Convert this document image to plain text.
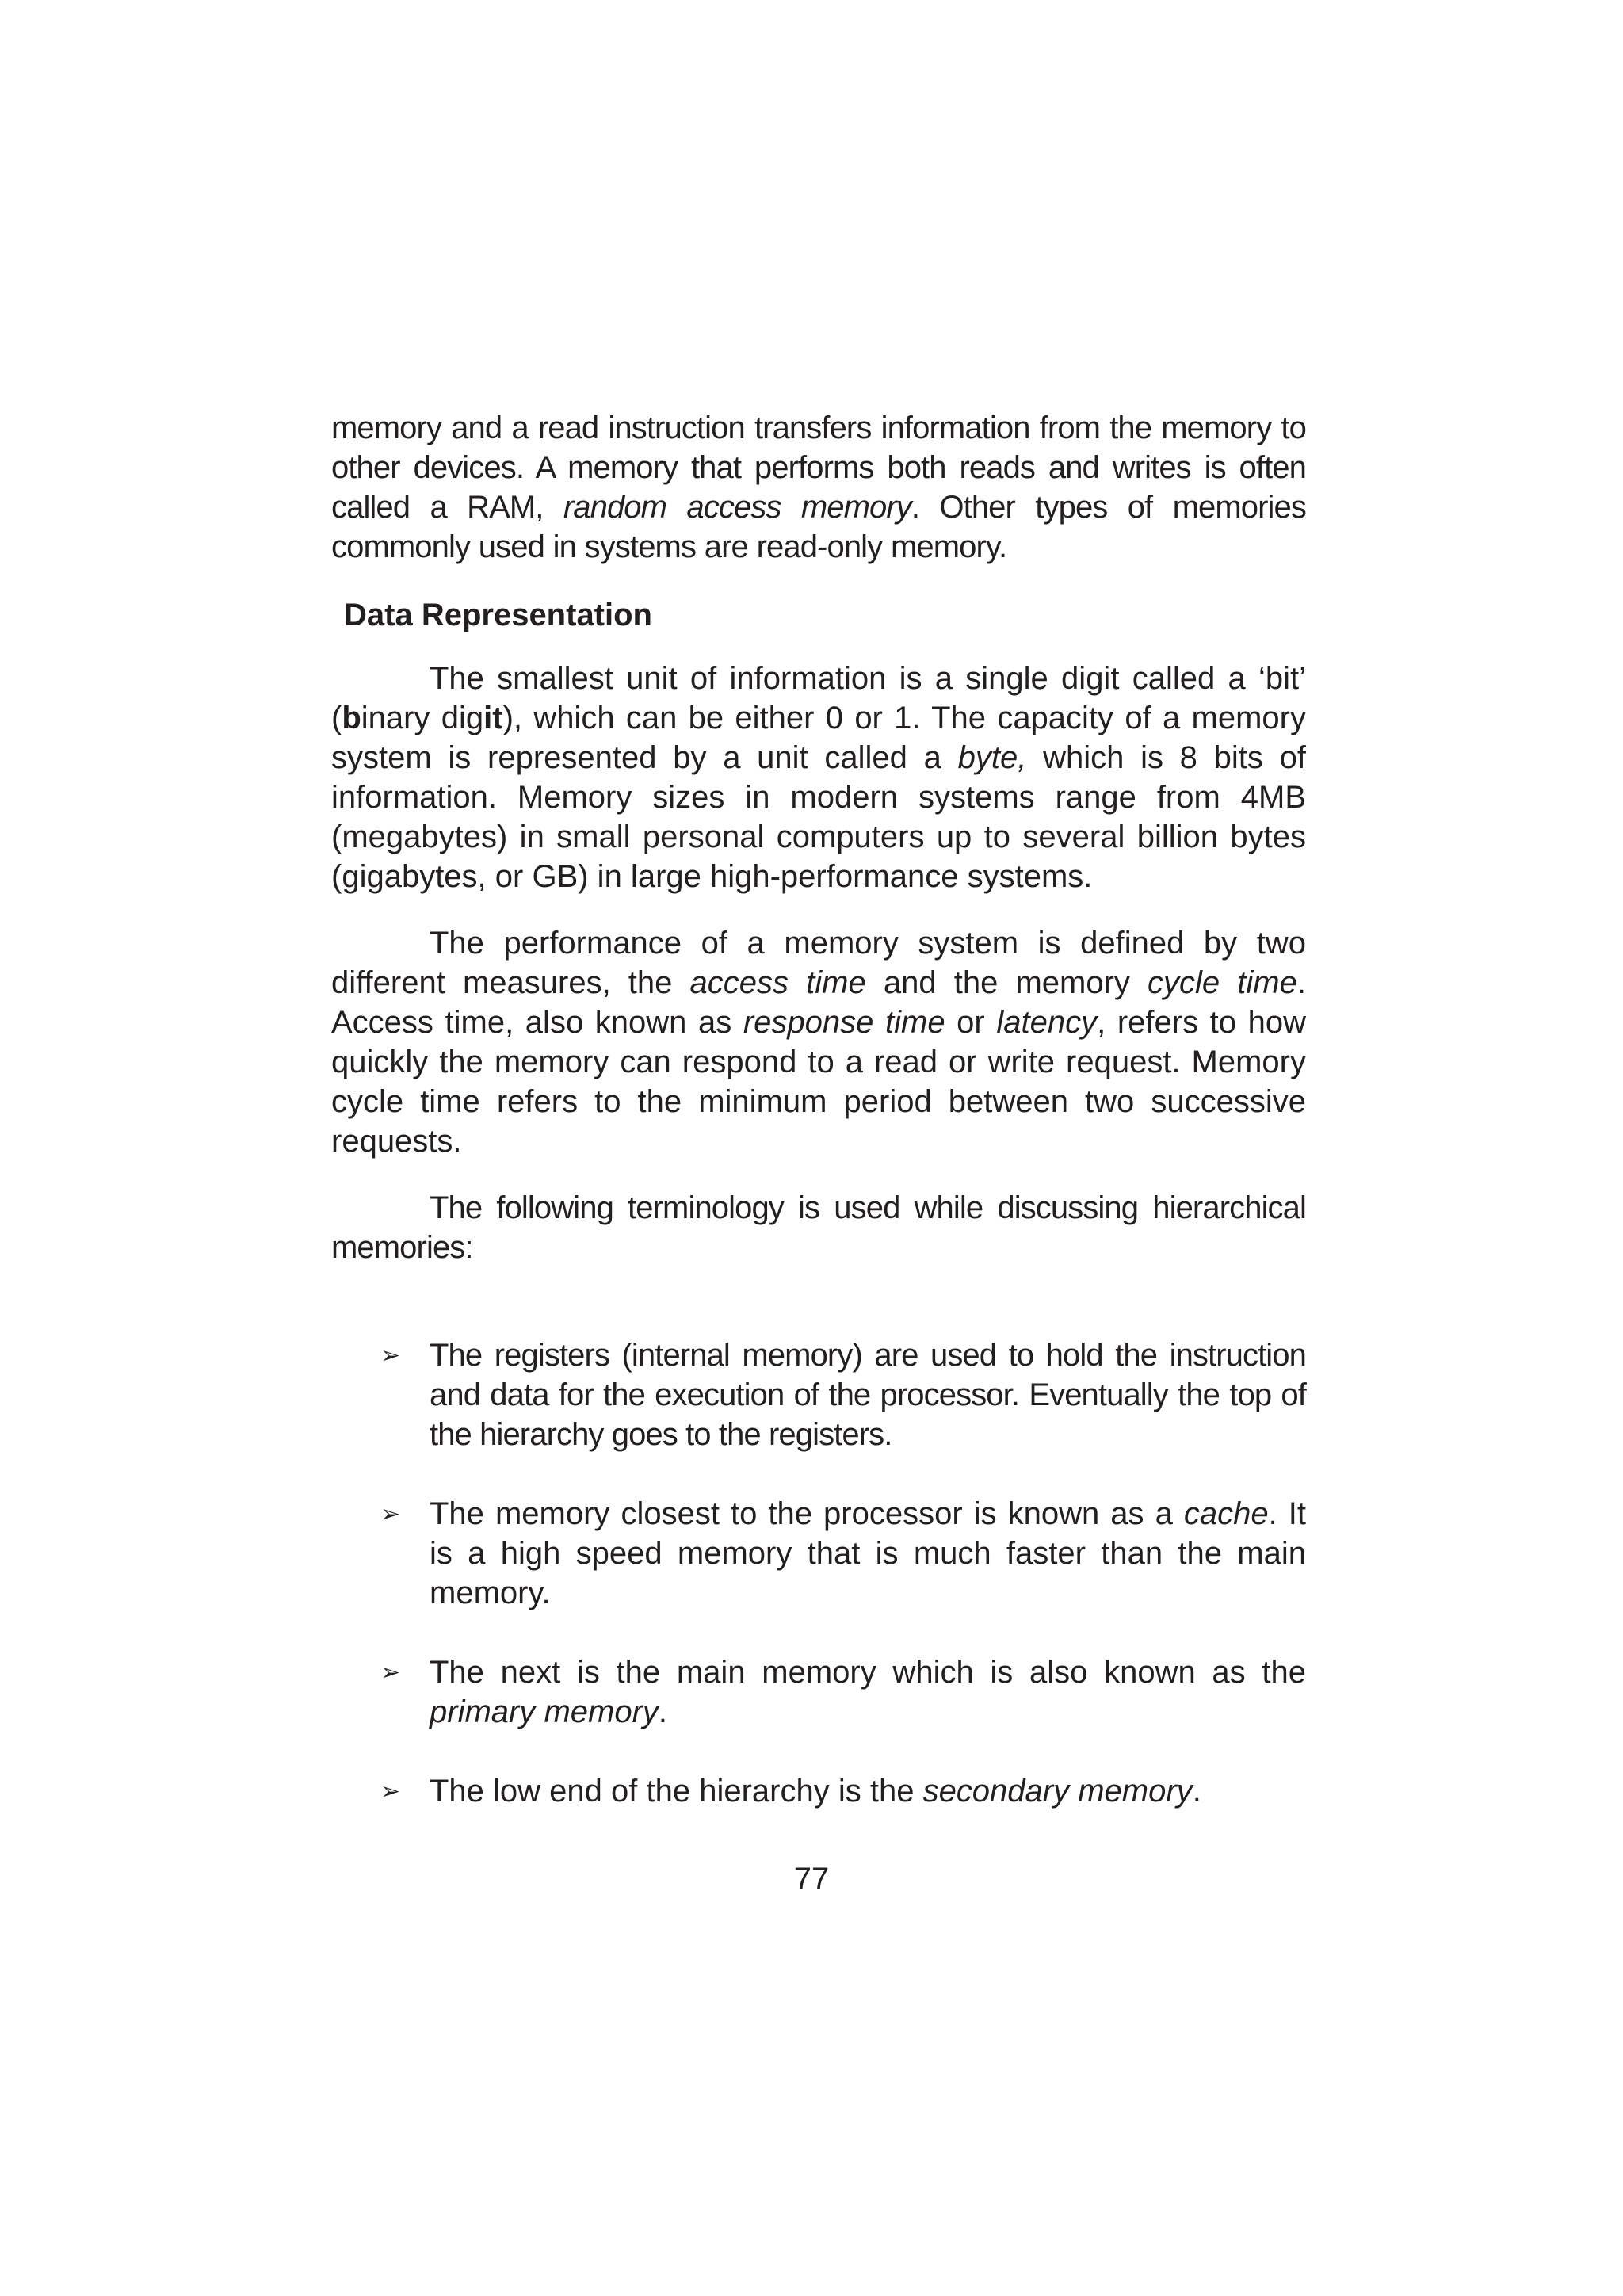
memory and a read instruction transfers information from the memory to other devices. A memory that performs both reads and writes is often called a RAM, random access memory. Other types of memories commonly used in systems are read-only memory.

Data Representation

The smallest unit of information is a single digit called a ‘bit’ (binary digit), which can be either 0 or 1. The capacity of a memory system is represented by a unit called a byte, which is 8 bits of information. Memory sizes in modern systems range from 4MB (megabytes) in small personal computers up to several billion bytes (gigabytes, or GB) in large high-performance systems.

The performance of a memory system is defined by two different measures, the access time and the memory cycle time. Access time, also known as response time or latency, refers to how quickly the memory can respond to a read or write request. Memory cycle time refers to the minimum period between two successive requests.

The following terminology is used while discussing hierarchical memories:

➢ The registers (internal memory) are used to hold the instruction and data for the execution of the processor. Eventually the top of the hierarchy goes to the registers.
➢ The memory closest to the processor is known as a cache. It is a high speed memory that is much faster than the main memory.
➢ The next is the main memory which is also known as the primary memory.
➢ The low end of the hierarchy is the secondary memory.
77
